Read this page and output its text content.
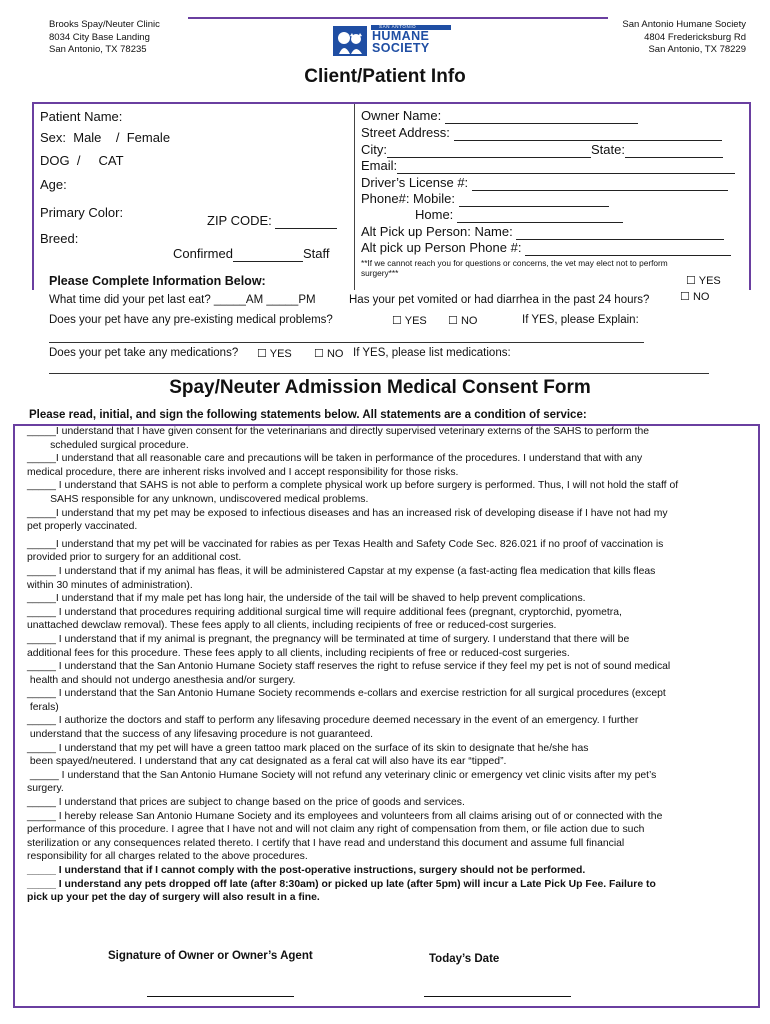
Brooks Spay/Neuter Clinic
8034 City Base Landing
San Antonio, TX 78235
San Antonio Humane Society
4804 Fredericksburg Rd
San Antonio, TX 78229
SAN ANTONIO
HUMANE
SOCIETY
Client/Patient Info
Patient Name:
Sex:  Male    /  Female
DOG  /     CAT
Age:
Primary Color:
ZIP CODE:
Breed:
Confirmed	Staff
Owner Name:
Street Address:
City:	State:
Email:
Driver’s License #:
Phone#: Mobile:
Home:
Alt Pick up Person: Name:
Alt pick up Person Phone #:
**If we cannot reach you for questions or concerns, the vet may elect not to perform
surgery***
Please Complete Information Below:	☐ YES
What time did your pet last eat? _____AM _____PM	Has your pet vomited or had diarrhea in the past 24 hours?	☐ NO
Does your pet have any pre-existing medical problems?	☐ YES ☐ NO	If YES, please Explain:
Does your pet take any medications? ☐ YES ☐ NO If YES, please list medications:
Spay/Neuter Admission Medical Consent Form
Please read, initial, and sign the following statements below. All statements are a condition of service:
_____I understand that I have given consent for the veterinarians and directly supervised veterinary externs of the SAHS to perform the
scheduled surgical procedure.
_____I understand that all reasonable care and precautions will be taken in performance of the procedures. I understand that with any
medical procedure, there are inherent risks involved and I accept responsibility for those risks.
_____ I understand that SAHS is not able to perform a complete physical work up before surgery is performed. Thus, I will not hold the staff of
SAHS responsible for any unknown, undiscovered medical problems.
_____I understand that my pet may be exposed to infectious diseases and has an increased risk of developing disease if I have not had my
pet properly vaccinated.
_____I understand that my pet will be vaccinated for rabies as per Texas Health and Safety Code Sec. 826.021 if no proof of vaccination is
provided prior to surgery for an additional cost.
_____ I understand that if my animal has fleas, it will be administered Capstar at my expense (a fast-acting flea medication that kills fleas
within 30 minutes of administration).
_____I understand that if my male pet has long hair, the underside of the tail will be shaved to help prevent complications.
_____ I understand that procedures requiring additional surgical time will require additional fees (pregnant, cryptorchid, pyometra,
unattached dewclaw removal). These fees apply to all clients, including recipients of free or reduced-cost surgeries.
_____ I understand that if my animal is pregnant, the pregnancy will be terminated at time of surgery. I understand that there will be
additional fees for this procedure. These fees apply to all clients, including recipients of free or reduced-cost surgeries.
_____ I understand that the San Antonio Humane Society staff reserves the right to refuse service if they feel my pet is not of sound medical
health and should not undergo anesthesia and/or surgery.
_____ I understand that the San Antonio Humane Society recommends e-collars and exercise restriction for all surgical procedures (except
ferals)
_____ I authorize the doctors and staff to perform any lifesaving procedure deemed necessary in the event of an emergency. I further
understand that the success of any lifesaving procedure is not guaranteed.
_____ I understand that my pet will have a green tattoo mark placed on the surface of its skin to designate that he/she has
been spayed/neutered. I understand that any cat designated as a feral cat will also have its ear “tipped”.
_____ I understand that the San Antonio Humane Society will not refund any veterinary clinic or emergency vet clinic visits after my pet’s
surgery.
_____ I understand that prices are subject to change based on the price of goods and services.
_____ I hereby release San Antonio Humane Society and its employees and volunteers from all claims arising out of or connected with the
performance of this procedure. I agree that I have not and will not claim any right of compensation from them, or file action due to such
sterilization or any consequences related thereto. I certify that I have read and understand this document and assume full financial
responsibility for all charges related to the above procedures.
_____ I understand that if I cannot comply with the post-operative instructions, surgery should not be performed.
_____ I understand any pets dropped off late (after 8:30am) or picked up late (after 5pm) will incur a Late Pick Up Fee. Failure to
pick up your pet the day of surgery will also result in a fine.
Signature of Owner or Owner’s Agent	Today’s Date
